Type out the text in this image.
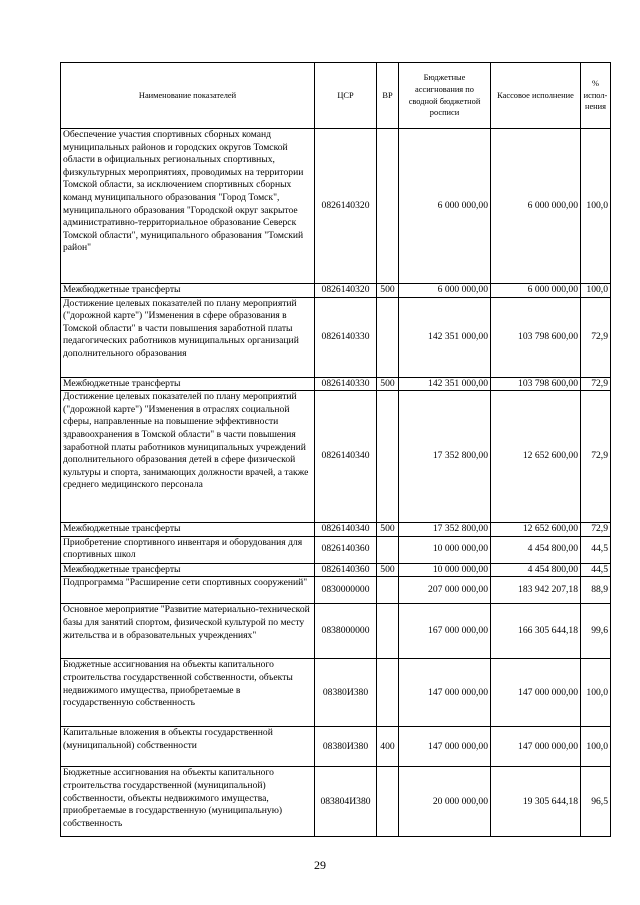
Наименование показателей	ЦСР	ВР	Бюджетные ассигнования по сводной бюджетной росписи	Кассовое исполнение	% испол-нения
Обеспечение участия спортивных сборных команд муниципальных районов и городских округов Томской области в официальных региональных спортивных, физкультурных мероприятиях, проводимых на территории Томской области, за исключением спортивных сборных команд муниципального образования "Город Томск", муниципального образования "Городской округ закрытое административно-территориальное образование Северск Томской области", муниципального образования "Томский район"	0826140320		6 000 000,00	6 000 000,00	100,0
Межбюджетные трансферты	0826140320	500	6 000 000,00	6 000 000,00	100,0
Достижение целевых показателей по плану мероприятий ("дорожной карте") "Изменения в сфере образования в Томской области" в части повышения заработной платы педагогических работников муниципальных организаций дополнительного образования	0826140330		142 351 000,00	103 798 600,00	72,9
Межбюджетные трансферты	0826140330	500	142 351 000,00	103 798 600,00	72,9
Достижение целевых показателей по плану мероприятий ("дорожной карте") "Изменения в отраслях социальной сферы, направленные на повышение эффективности здравоохранения в Томской области" в части повышения заработной платы работников муниципальных учреждений дополнительного образования детей в сфере физической культуры и спорта, занимающих должности врачей, а также среднего медицинского персонала	0826140340		17 352 800,00	12 652 600,00	72,9
Межбюджетные трансферты	0826140340	500	17 352 800,00	12 652 600,00	72,9
Приобретение спортивного инвентаря и оборудования для спортивных школ	0826140360		10 000 000,00	4 454 800,00	44,5
Межбюджетные трансферты	0826140360	500	10 000 000,00	4 454 800,00	44,5
Подпрограмма "Расширение сети спортивных сооружений"	0830000000		207 000 000,00	183 942 207,18	88,9
Основное мероприятие "Развитие материально-технической базы для занятий спортом, физической культурой по месту жительства и в образовательных учреждениях"	0838000000		167 000 000,00	166 305 644,18	99,6
Бюджетные ассигнования на объекты капитального строительства государственной собственности, объекты недвижимого имущества, приобретаемые в государственную собственность	08380И380		147 000 000,00	147 000 000,00	100,0
Капитальные вложения в объекты государственной (муниципальной) собственности	08380И380	400	147 000 000,00	147 000 000,00	100,0
Бюджетные ассигнования на объекты капитального строительства государственной (муниципальной) собственности, объекты недвижимого имущества, приобретаемые в государственную (муниципальную) собственность	083804И380		20 000 000,00	19 305 644,18	96,5
29
